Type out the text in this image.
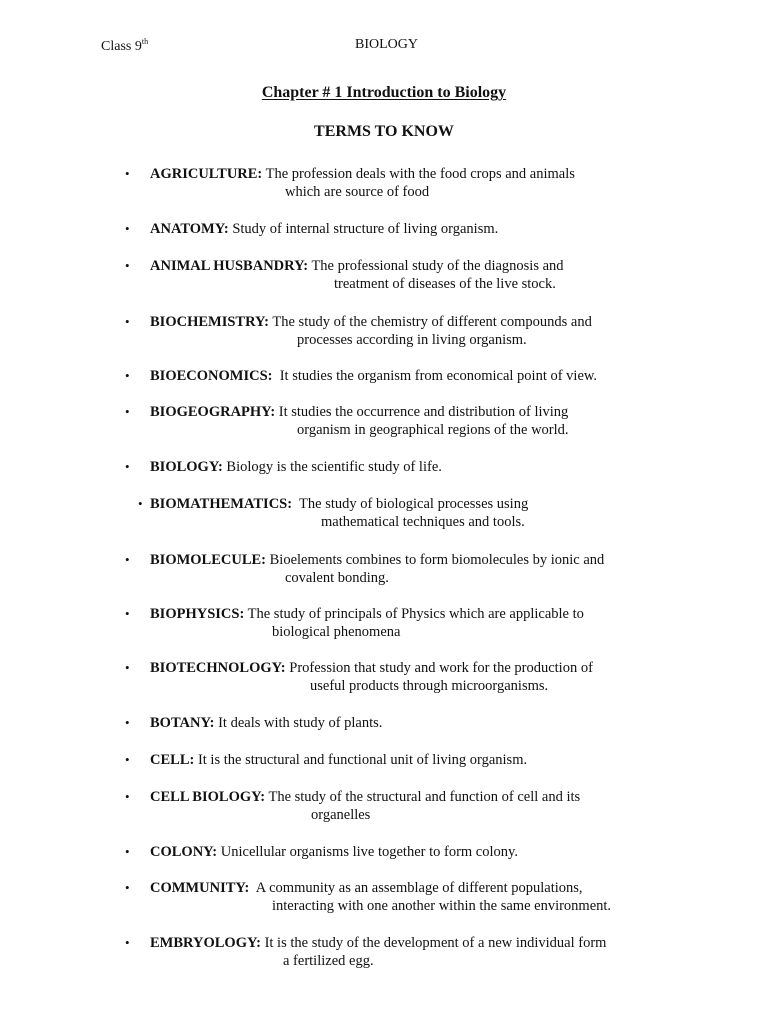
Class 9th	BIOLOGY
Chapter # 1 Introduction to Biology
TERMS TO KNOW
• AGRICULTURE: The profession deals with the food crops and animals
which are source of food
• ANATOMY: Study of internal structure of living organism.
• ANIMAL HUSBANDRY: The professional study of the diagnosis and
treatment of diseases of the live stock.
• BIOCHEMISTRY: The study of the chemistry of different compounds and
processes according in living organism.
• BIOECONOMICS:  It studies the organism from economical point of view.
• BIOGEOGRAPHY: It studies the occurrence and distribution of living
organism in geographical regions of the world.
• BIOLOGY: Biology is the scientific study of life.
• BIOMATHEMATICS:  The study of biological processes using
mathematical techniques and tools.
• BIOMOLECULE: Bioelements combines to form biomolecules by ionic and
covalent bonding.
• BIOPHYSICS: The study of principals of Physics which are applicable to
biological phenomena
• BIOTECHNOLOGY: Profession that study and work for the production of
useful products through microorganisms.
• BOTANY: It deals with study of plants.
• CELL: It is the structural and functional unit of living organism.
• CELL BIOLOGY: The study of the structural and function of cell and its
organelles
• COLONY: Unicellular organisms live together to form colony.
• COMMUNITY:  A community as an assemblage of different populations,
interacting with one another within the same environment.
• EMBRYOLOGY: It is the study of the development of a new individual form
a fertilized egg.
